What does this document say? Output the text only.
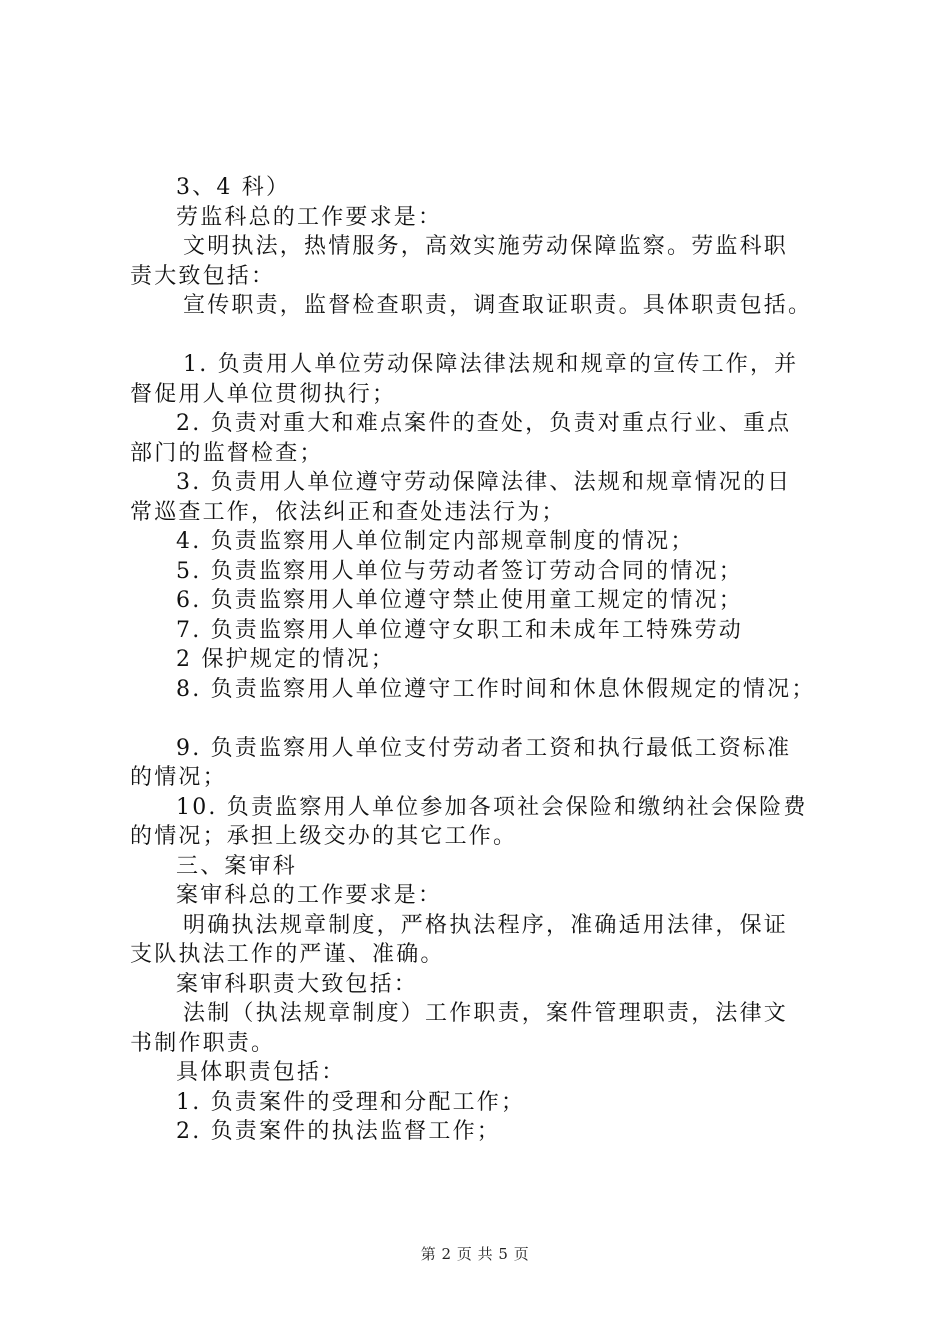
3、4 科）
劳监科总的工作要求是：
文明执法，热情服务，高效实施劳动保障监察。劳监科职
责大致包括：
宣传职责，监督检查职责，调查取证职责。具体职责包括。
1. 负责用人单位劳动保障法律法规和规章的宣传工作，并
督促用人单位贯彻执行；
2. 负责对重大和难点案件的查处，负责对重点行业、重点
部门的监督检查；
3. 负责用人单位遵守劳动保障法律、法规和规章情况的日
常巡查工作，依法纠正和查处违法行为；
4. 负责监察用人单位制定内部规章制度的情况；
5. 负责监察用人单位与劳动者签订劳动合同的情况；
6. 负责监察用人单位遵守禁止使用童工规定的情况；
7. 负责监察用人单位遵守女职工和未成年工特殊劳动
2 保护规定的情况；
8. 负责监察用人单位遵守工作时间和休息休假规定的情况；
9. 负责监察用人单位支付劳动者工资和执行最低工资标准
的情况；
10. 负责监察用人单位参加各项社会保险和缴纳社会保险费
的情况；承担上级交办的其它工作。
三、案审科
案审科总的工作要求是：
明确执法规章制度，严格执法程序，准确适用法律，保证
支队执法工作的严谨、准确。
案审科职责大致包括：
法制（执法规章制度）工作职责，案件管理职责，法律文
书制作职责。
具体职责包括：
1. 负责案件的受理和分配工作；
2. 负责案件的执法监督工作；
第 2 页 共 5 页
